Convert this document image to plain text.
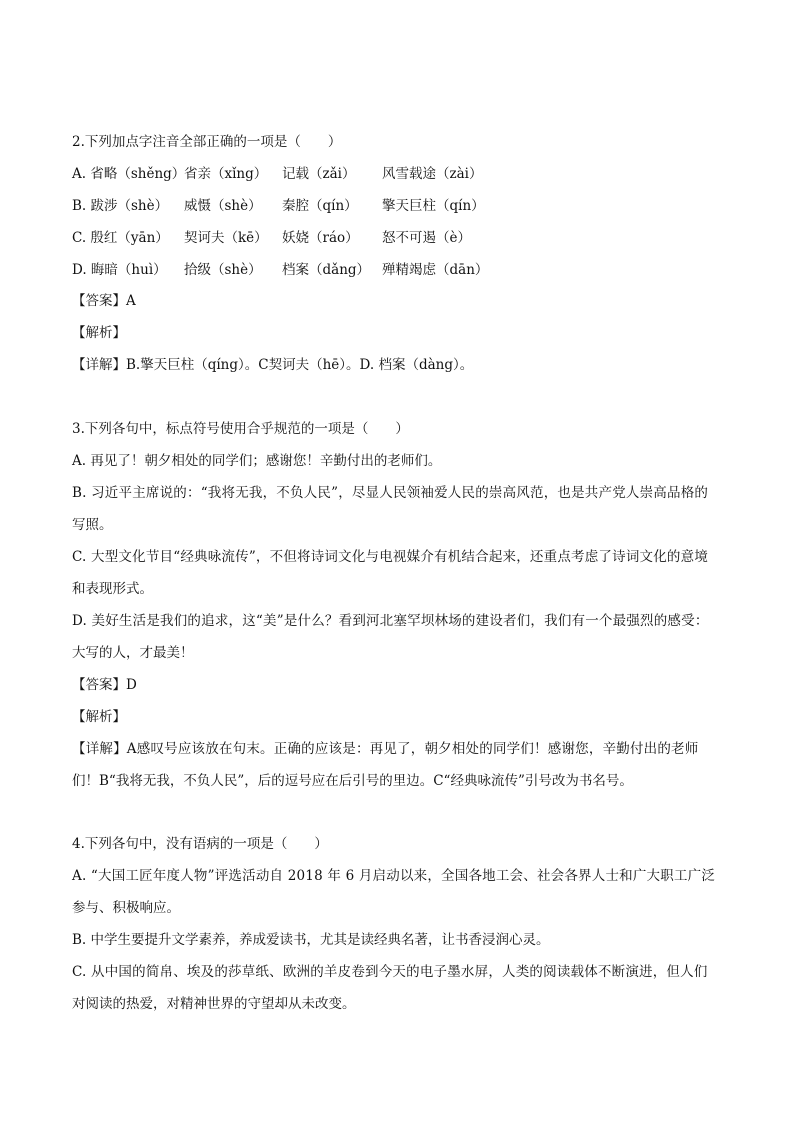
2.下列加点字注音全部正确的一项是（　　）
A. 省略（shěng）省亲（xǐng） 记载（zǎi） 风雪载途（zài）
B. 跋涉（shè） 威慑（shè） 秦腔（qín） 擎天巨柱（qín）
C. 殷红（yān） 契诃夫（kē） 妖娆（ráo） 怒不可遏（è）
D. 晦暗（huì） 拾级（shè） 档案（dǎng） 殚精竭虑（dān）
【答案】A
【解析】
【详解】B.擎天巨柱（qíng）。C契诃夫（hē）。D. 档案（dàng）。
3.下列各句中，标点符号使用合乎规范的一项是（　　）
A. 再见了！朝夕相处的同学们；感谢您！辛勤付出的老师们。
B. 习近平主席说的：“我将无我，不负人民”，尽显人民领袖爱人民的崇高风范，也是共产党人崇高品格的
写照。
C. 大型文化节目“经典咏流传”，不但将诗词文化与电视媒介有机结合起来，还重点考虑了诗词文化的意境
和表现形式。
D. 美好生活是我们的追求，这“美”是什么？看到河北塞罕坝林场的建设者们，我们有一个最强烈的感受：
大写的人，才最美！
【答案】D
【解析】
【详解】A感叹号应该放在句末。正确的应该是：再见了，朝夕相处的同学们！感谢您，辛勤付出的老师
们！B“我将无我，不负人民”，后的逗号应在后引号的里边。C“经典咏流传”引号改为书名号。
4.下列各句中，没有语病的一项是（　　）
A. “大国工匠年度人物”评选活动自 2018 年 6 月启动以来，全国各地工会、社会各界人士和广大职工广泛
参与、积极响应。
B. 中学生要提升文学素养，养成爱读书，尤其是读经典名著，让书香浸润心灵。
C. 从中国的简帛、埃及的莎草纸、欧洲的羊皮卷到今天的电子墨水屏，人类的阅读载体不断演进，但人们
对阅读的热爱，对精神世界的守望却从未改变。
